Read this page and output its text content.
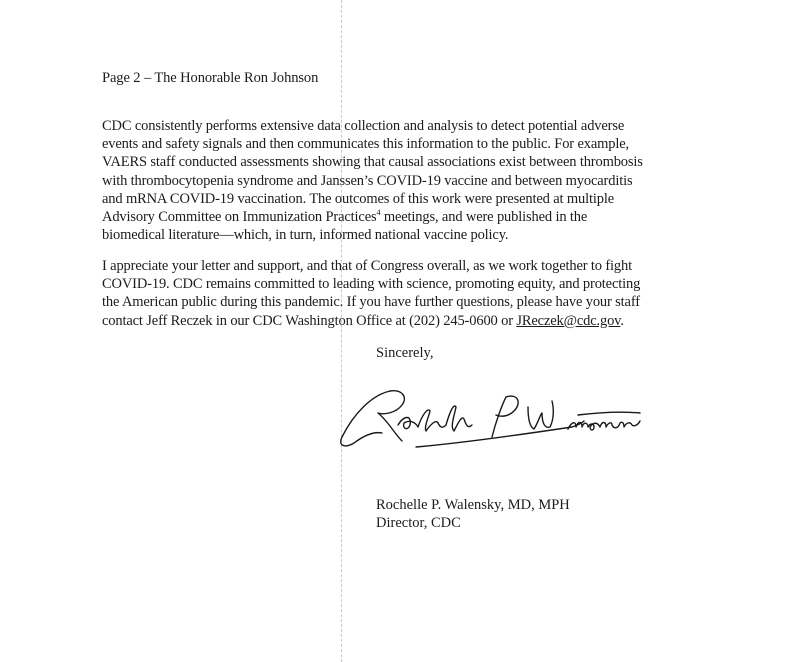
Page 2 – The Honorable Ron Johnson
CDC consistently performs extensive data collection and analysis to detect potential adverse
events and safety signals and then communicates this information to the public. For example,
VAERS staff conducted assessments showing that causal associations exist between thrombosis
with thrombocytopenia syndrome and Janssen’s COVID-19 vaccine and between myocarditis
and mRNA COVID-19 vaccination. The outcomes of this work were presented at multiple
Advisory Committee on Immunization Practices$^4$ meetings, and were published in the
biomedical literature—which, in turn, informed national vaccine policy.
I appreciate your letter and support, and that of Congress overall, as we work together to fight
COVID-19. CDC remains committed to leading with science, promoting equity, and protecting
the American public during this pandemic. If you have further questions, please have your staff
contact Jeff Reczek in our CDC Washington Office at (202) 245-0600 or JReczek@cdc.gov.
Sincerely,
Rochelle P. Walensky, MD, MPH
Director, CDC
